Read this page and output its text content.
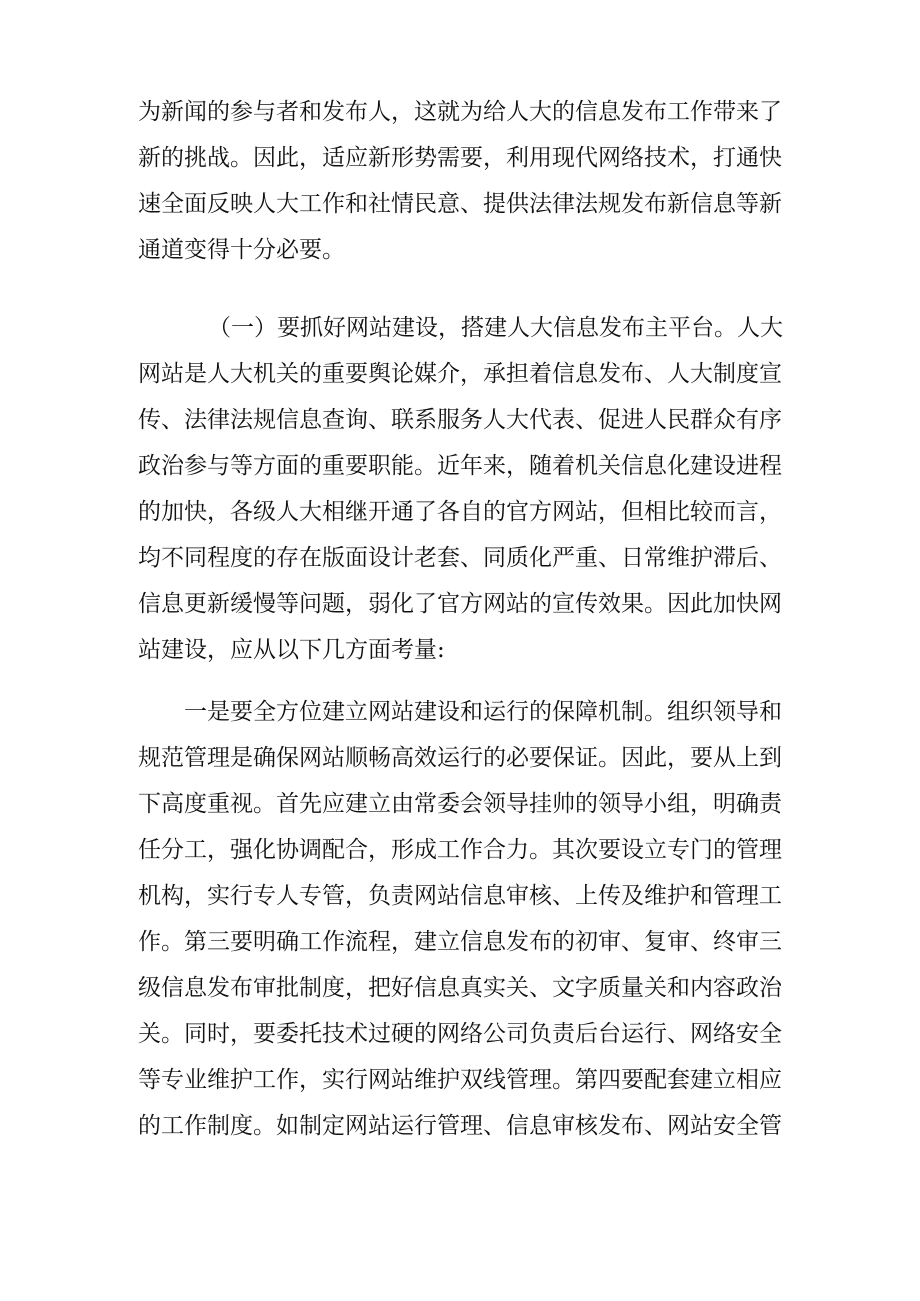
为新闻的参与者和发布人，这就为给人大的信息发布工作带来了
新的挑战。因此，适应新形势需要，利用现代网络技术，打通快
速全面反映人大工作和社情民意、提供法律法规发布新信息等新
通道变得十分必要。
（一）要抓好网站建设，搭建人大信息发布主平台。人大
网站是人大机关的重要舆论媒介，承担着信息发布、人大制度宣
传、法律法规信息查询、联系服务人大代表、促进人民群众有序
政治参与等方面的重要职能。近年来，随着机关信息化建设进程
的加快，各级人大相继开通了各自的官方网站，但相比较而言，
均不同程度的存在版面设计老套、同质化严重、日常维护滞后、
信息更新缓慢等问题，弱化了官方网站的宣传效果。因此加快网
站建设，应从以下几方面考量:
一是要全方位建立网站建设和运行的保障机制。组织领导和
规范管理是确保网站顺畅高效运行的必要保证。因此，要从上到
下高度重视。首先应建立由常委会领导挂帅的领导小组，明确责
任分工，强化协调配合，形成工作合力。其次要设立专门的管理
机构，实行专人专管，负责网站信息审核、上传及维护和管理工
作。第三要明确工作流程，建立信息发布的初审、复审、终审三
级信息发布审批制度，把好信息真实关、文字质量关和内容政治
关。同时，要委托技术过硬的网络公司负责后台运行、网络安全
等专业维护工作，实行网站维护双线管理。第四要配套建立相应
的工作制度。如制定网站运行管理、信息审核发布、网站安全管
